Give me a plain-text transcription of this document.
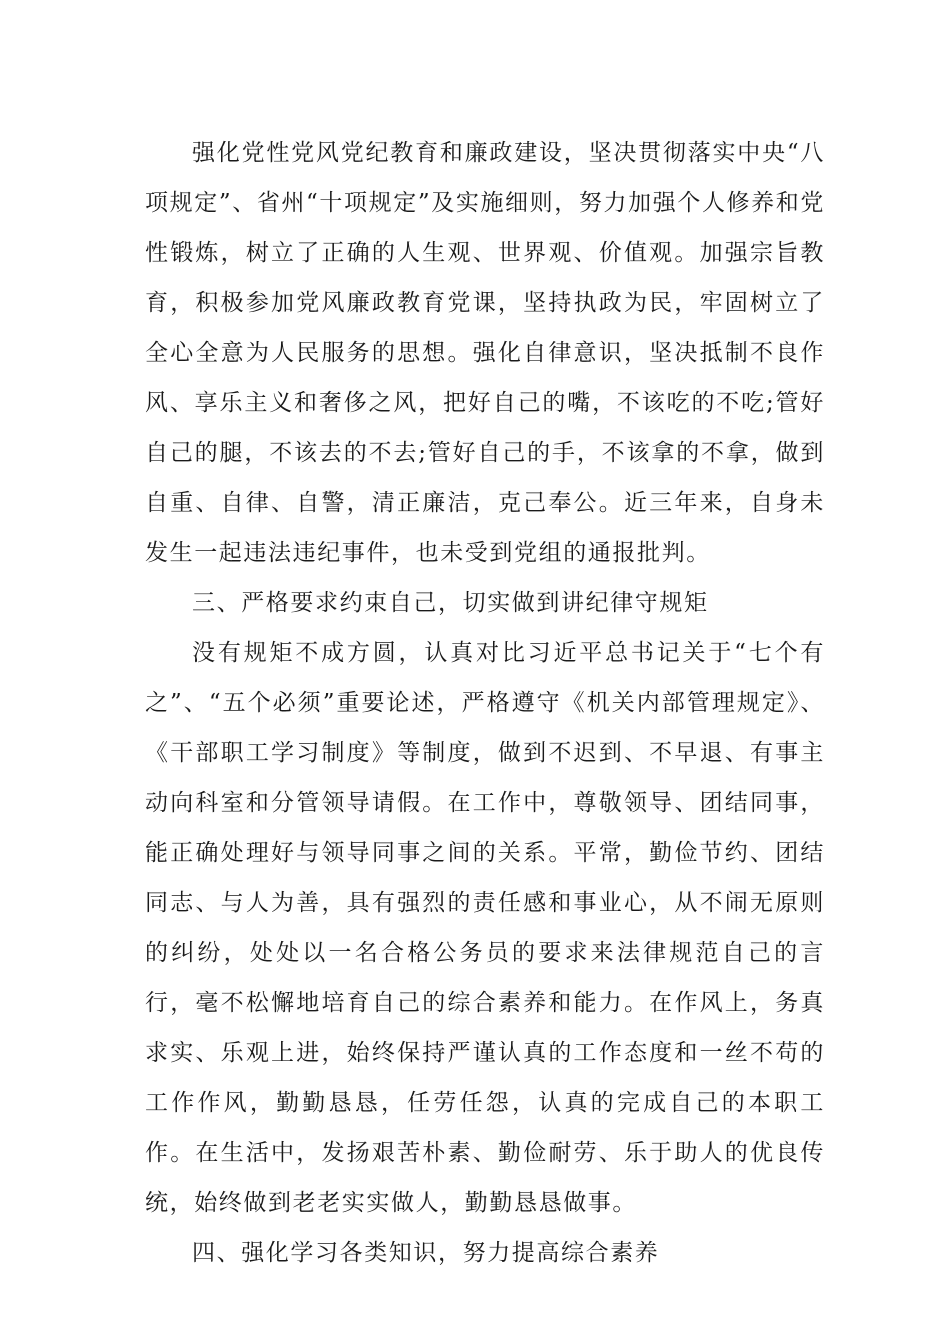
强化党性党风党纪教育和廉政建设，坚决贯彻落实中央“八项规定”、省州“十项规定”及实施细则，努力加强个人修养和党性锻炼，树立了正确的人生观、世界观、价值观。加强宗旨教育，积极参加党风廉政教育党课，坚持执政为民，牢固树立了全心全意为人民服务的思想。强化自律意识，坚决抵制不良作风、享乐主义和奢侈之风，把好自己的嘴，不该吃的不吃;管好自己的腿，不该去的不去;管好自己的手，不该拿的不拿，做到自重、自律、自警，清正廉洁，克己奉公。近三年来，自身未发生一起违法违纪事件，也未受到党组的通报批判。

三、严格要求约束自己，切实做到讲纪律守规矩

没有规矩不成方圆，认真对比习近平总书记关于“七个有之”、“五个必须”重要论述，严格遵守《机关内部管理规定》、《干部职工学习制度》等制度，做到不迟到、不早退、有事主动向科室和分管领导请假。在工作中，尊敬领导、团结同事，能正确处理好与领导同事之间的关系。平常，勤俭节约、团结同志、与人为善，具有强烈的责任感和事业心，从不闹无原则的纠纷，处处以一名合格公务员的要求来法律规范自己的言行，毫不松懈地培育自己的综合素养和能力。在作风上，务真求实、乐观上进，始终保持严谨认真的工作态度和一丝不苟的工作作风，勤勤恳恳，任劳任怨，认真的完成自己的本职工作。在生活中，发扬艰苦朴素、勤俭耐劳、乐于助人的优良传统，始终做到老老实实做人，勤勤恳恳做事。

四、强化学习各类知识，努力提高综合素养
